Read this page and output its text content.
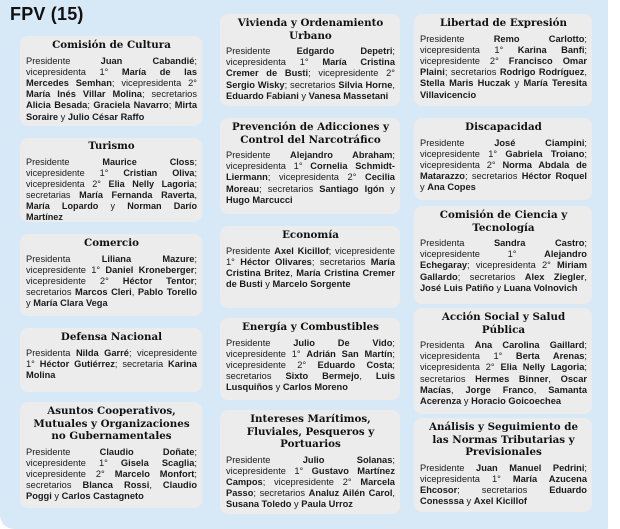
FPV (15)
Comisión de Cultura

Presidente Juan Cabandié; vicepresidenta 1° María de las Mercedes Semhan; vicepresidenta 2° María Inés Villar Molina; secretarios Alicia Besada; Graciela Navarro; Mirta Soraire y Julio César Raffo

Turismo

Presidente Maurice Closs; vicepresidente 1° Cristian Oliva; vicepresidenta 2° Elia Nelly Lagoria; secretarias María Fernanda Raverta, María Lopardo y Norman Darío Martínez

Comercio

Presidenta Liliana Mazure; vicepresidente 1° Daniel Kroneberger; vicepresidente 2° Héctor Tentor; secretarios Marcos Cleri, Pablo Torello y María Clara Vega

Defensa Nacional

Presidenta Nilda Garré; vicepresidente 1° Héctor Gutiérrez; secretaria Karina Molina

Asuntos Cooperativos, Mutuales y Organizaciones no Gubernamentales

Presidente Claudio Doñate; vicepresidente 1° Gisela Scaglia; vicepresidente 2° Marcelo Monfort; secretarios Blanca Rossi, Claudio Poggi y Carlos Castagneto

Vivienda y Ordenamiento Urbano

Presidente Edgardo Depetri; vicepresidenta 1° María Cristina Cremer de Busti; vicepresidente 2° Sergio Wisky; secretarios Silvia Horne, Eduardo Fabiani y Vanesa Massetani

Prevención de Adicciones y Control del Narcotráfico

Presidente Alejandro Abraham; vicepresidenta 1° Cornelia Schmidt-Liermann; vicepresidenta 2° Cecilia Moreau; secretarios Santiago Igón y Hugo Marcucci

Economía

Presidente Axel Kicillof; vicepresidente 1° Héctor Olivares; secretarios María Cristina Britez, María Cristina Cremer de Busti y Marcelo Sorgente

Energía y Combustibles

Presidente Julio De Vido; vicepresidente 1° Adrián San Martín; vicepresidente 2° Eduardo Costa; secretarios Sixto Bermejo, Luis Lusquiños y Carlos Moreno

Intereses Marítimos, Fluviales, Pesqueros y Portuarios

Presidente Julio Solanas; vicepresidente 1° Gustavo Martínez Campos; vicepresidente 2° Marcela Passo; secretarios Analuz Ailén Carol, Susana Toledo y Paula Urroz

Libertad de Expresión

Presidente Remo Carlotto; vicepresidenta 1° Karina Banfi; vicepresidente 2° Francisco Omar Plaini; secretarios Rodrigo Rodríguez, Stella Maris Huczak y María Teresita Villavicencio

Discapacidad

Presidente José Ciampini; vicepresidente 1° Gabriela Troiano; vicepresidenta 2° Norma Abdala de Matarazzo; secretarios Héctor Roquel y Ana Copes

Comisión de Ciencia y Tecnología

Presidenta Sandra Castro; vicepresidente 1° Alejandro Echegaray; vicepresidenta 2° Miriam Gallardo; secretarios Alex Ziegler, José Luis Patiño y Luana Volnovich

Acción Social y Salud Pública

Presidenta Ana Carolina Gaillard; vicepresidenta 1° Berta Arenas; vicepresidenta 2° Elia Nelly Lagoria; secretarios Hermes Binner, Oscar Macías, Jorge Franco, Samanta Acerenza y Horacio Goicoechea

Análisis y Seguimiento de las Normas Tributarias y Previsionales

Presidente Juan Manuel Pedrini; vicepresidenta 1° María Azucena Ehcosor; secretarios Eduardo Conesssa y Axel Kicillof
